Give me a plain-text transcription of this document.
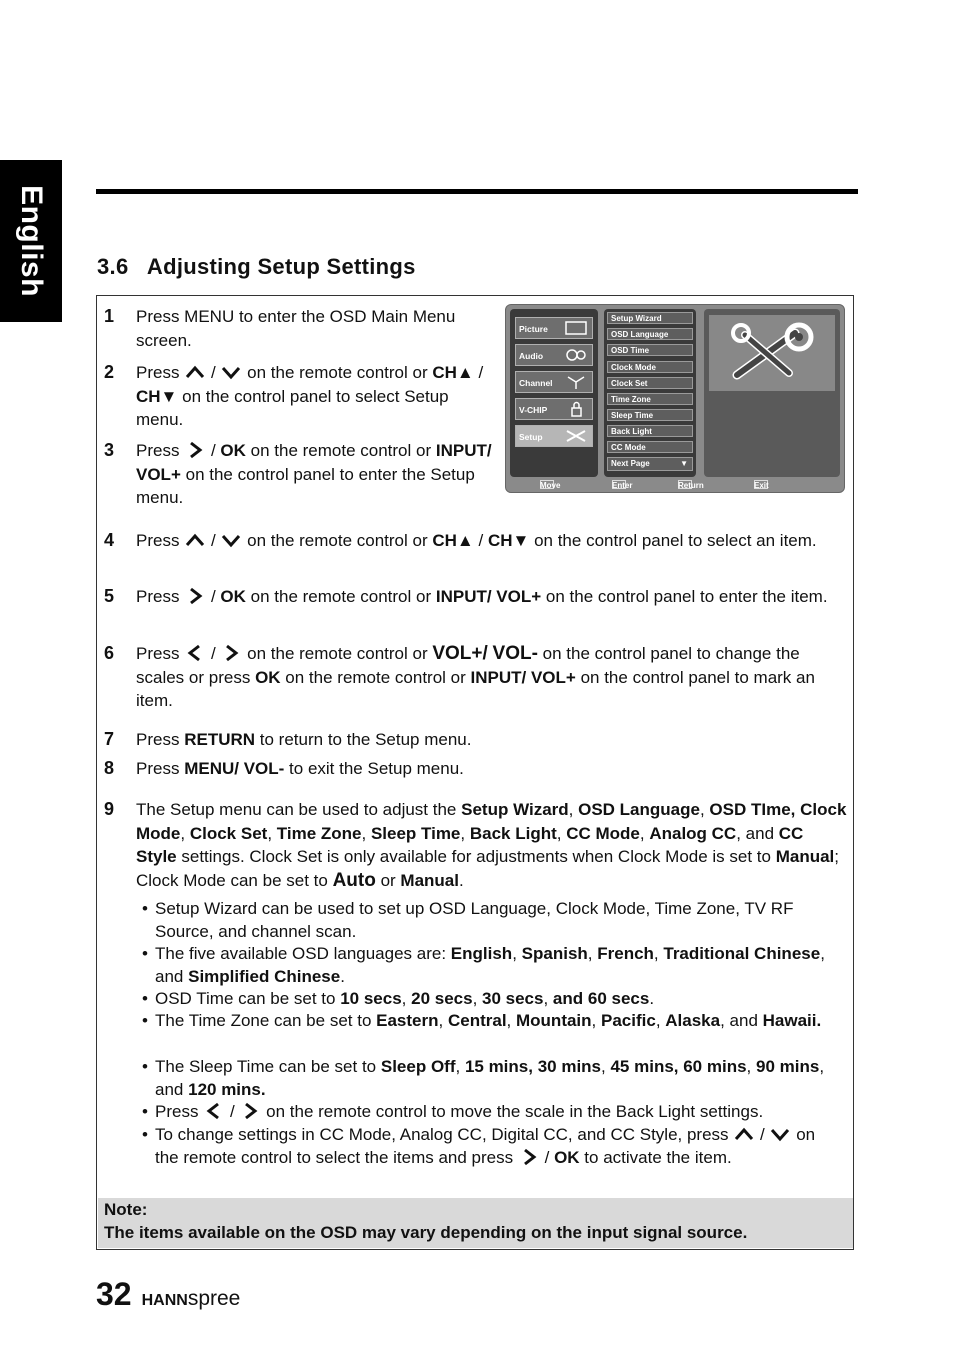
English 3.6 Adjusting Setup Settings
Picture
Audio
Channel
V-CHIP
Setup
Setup Wizard
OSD Language
OSD Time
Clock Mode
Clock Set
Time Zone
Sleep Time
Back Light
CC Mode
Next Page	▼
Move	Enter	Return	Exit
1 Press MENU to enter the OSD Main Menu screen.
2 Press / on the remote control or CH▲ / CH▼ on the control panel to select Setup menu.
3 Press / OK on the remote control or INPUT/ VOL+ on the control panel to enter the Setup menu.
4 Press / on the remote control or CH▲ / CH▼ on the control panel to select an item.
5 Press / OK on the remote control or INPUT/ VOL+ on the control panel to enter the item.
6 Press / on the remote control or VOL+/ VOL- on the control panel to change the scales or press OK on the remote control or INPUT/ VOL+ on the control panel to mark an item.
7 Press RETURN to return to the Setup menu.
8 Press MENU/ VOL- to exit the Setup menu.
9 The Setup menu can be used to adjust the Setup Wizard, OSD Language, OSD TIme, Clock Mode, Clock Set, Time Zone, Sleep Time, Back Light, CC Mode, Analog CC, and CC Style settings. Clock Set is only available for adjustments when Clock Mode is set to Manual; Clock Mode can be set to Auto or Manual.
• Setup Wizard can be used to set up OSD Language, Clock Mode, Time Zone, TV RF Source, and channel scan.
• The five available OSD languages are: English, Spanish, French, Traditional Chinese, and Simplified Chinese.
• OSD Time can be set to 10 secs, 20 secs, 30 secs, and 60 secs.
• The Time Zone can be set to Eastern, Central, Mountain, Pacific, Alaska, and Hawaii.
• The Sleep Time can be set to Sleep Off, 15 mins, 30 mins, 45 mins, 60 mins, 90 mins, and 120 mins.
• Press / on the remote control to move the scale in the Back Light settings.
• To change settings in CC Mode, Analog CC, Digital CC, and CC Style, press / on the remote control to select the items and press / OK to activate the item.
Note:
The items available on the OSD may vary depending on the input signal source.
32 HANNspree
